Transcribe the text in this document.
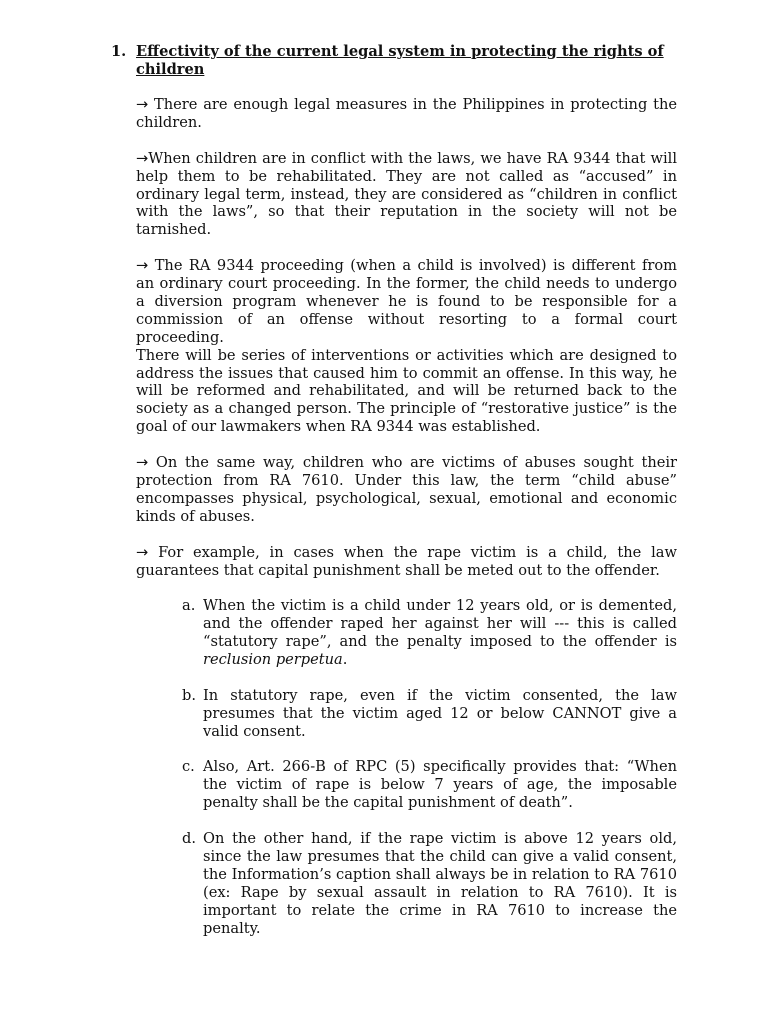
1. Effectivity of the current legal system in protecting the rights of children

→ There are enough legal measures in the Philippines in protecting the children.

→When children are in conflict with the laws, we have RA 9344 that will help them to be rehabilitated. They are not called as “accused” in ordinary legal term, instead, they are considered as “children in conflict with the laws”, so that their reputation in the society will not be tarnished.

→ The RA 9344 proceeding (when a child is involved) is different from an ordinary court proceeding. In the former, the child needs to undergo a diversion program whenever he is found to be responsible for a commission of an offense without resorting to a formal court proceeding.

There will be series of interventions or activities which are designed to address the issues that caused him to commit an offense. In this way, he will be reformed and rehabilitated, and will be returned back to the society as a changed person. The principle of “restorative justice” is the goal of our lawmakers when RA 9344 was established.

→ On the same way, children who are victims of abuses sought their protection from RA 7610. Under this law, the term “child abuse” encompasses physical, psychological, sexual, emotional and economic kinds of abuses.

→ For example, in cases when the rape victim is a child, the law guarantees that capital punishment shall be meted out to the offender.

a. When the victim is a child under 12 years old, or is demented, and the offender raped her against her will --- this is called “statutory rape”, and the penalty imposed to the offender is reclusion perpetua.
b. In statutory rape, even if the victim consented, the law presumes that the victim aged 12 or below CANNOT give a valid consent.
c. Also, Art. 266-B of RPC (5) specifically provides that: “When the victim of rape is below 7 years of age, the imposable penalty shall be the capital punishment of death”.
d. On the other hand, if the rape victim is above 12 years old, since the law presumes that the child can give a valid consent, the Information’s caption shall always be in relation to RA 7610 (ex: Rape by sexual assault in relation to RA 7610). It is important to relate the crime in RA 7610 to increase the penalty.
